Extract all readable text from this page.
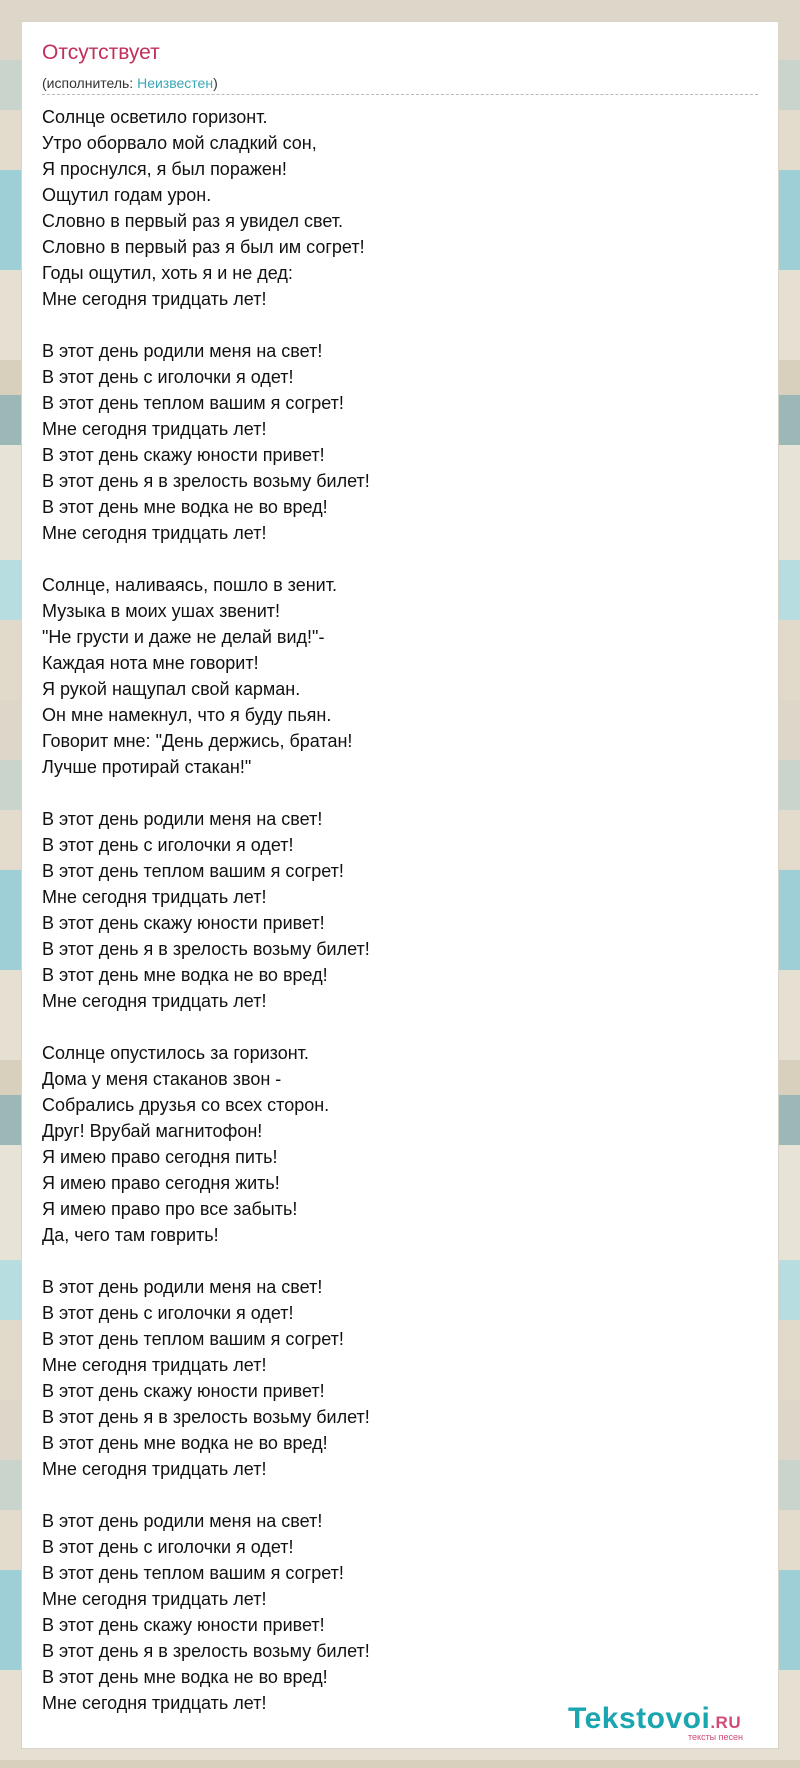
Отсутствует
(исполнитель: Неизвестен)
Солнце осветило горизонт.
Утро оборвало мой сладкий сон,
Я проснулся, я был поражен!
Ощутил годам урон.
Словно в первый раз я увидел свет.
Словно в первый раз я был им согрет!
Годы ощутил, хоть я и не дед:
Мне сегодня тридцать лет!
В этот день родили меня на свет!
В этот день с иголочки я одет!
В этот день теплом вашим я согрет!
Мне сегодня тридцать лет!
В этот день скажу юности привет!
В этот день я в зрелость возьму билет!
В этот день мне водка не во вред!
Мне сегодня тридцать лет!
Солнце, наливаясь, пошло в зенит.
Музыка в моих ушах звенит!
"Не грусти и даже не делай вид!"-
Каждая нота мне говорит!
Я рукой нащупал свой карман.
Он мне намекнул, что я буду пьян.
Говорит мне: "День держись, братан!
Лучше протирай стакан!"
В этот день родили меня на свет!
В этот день с иголочки я одет!
В этот день теплом вашим я согрет!
Мне сегодня тридцать лет!
В этот день скажу юности привет!
В этот день я в зрелость возьму билет!
В этот день мне водка не во вред!
Мне сегодня тридцать лет!
Солнце опустилось за горизонт.
Дома у меня стаканов звон -
Собрались друзья со всех сторон.
Друг! Врубай магнитофон!
Я имею право сегодня пить!
Я имею право сегодня жить!
Я имею право про все забыть!
Да, чего там говрить!
В этот день родили меня на свет!
В этот день с иголочки я одет!
В этот день теплом вашим я согрет!
Мне сегодня тридцать лет!
В этот день скажу юности привет!
В этот день я в зрелость возьму билет!
В этот день мне водка не во вред!
Мне сегодня тридцать лет!
В этот день родили меня на свет!
В этот день с иголочки я одет!
В этот день теплом вашим я согрет!
Мне сегодня тридцать лет!
В этот день скажу юности привет!
В этот день я в зрелость возьму билет!
В этот день мне водка не во вред!
Мне сегодня тридцать лет!	Tekstovoi.RU
тексты песен
